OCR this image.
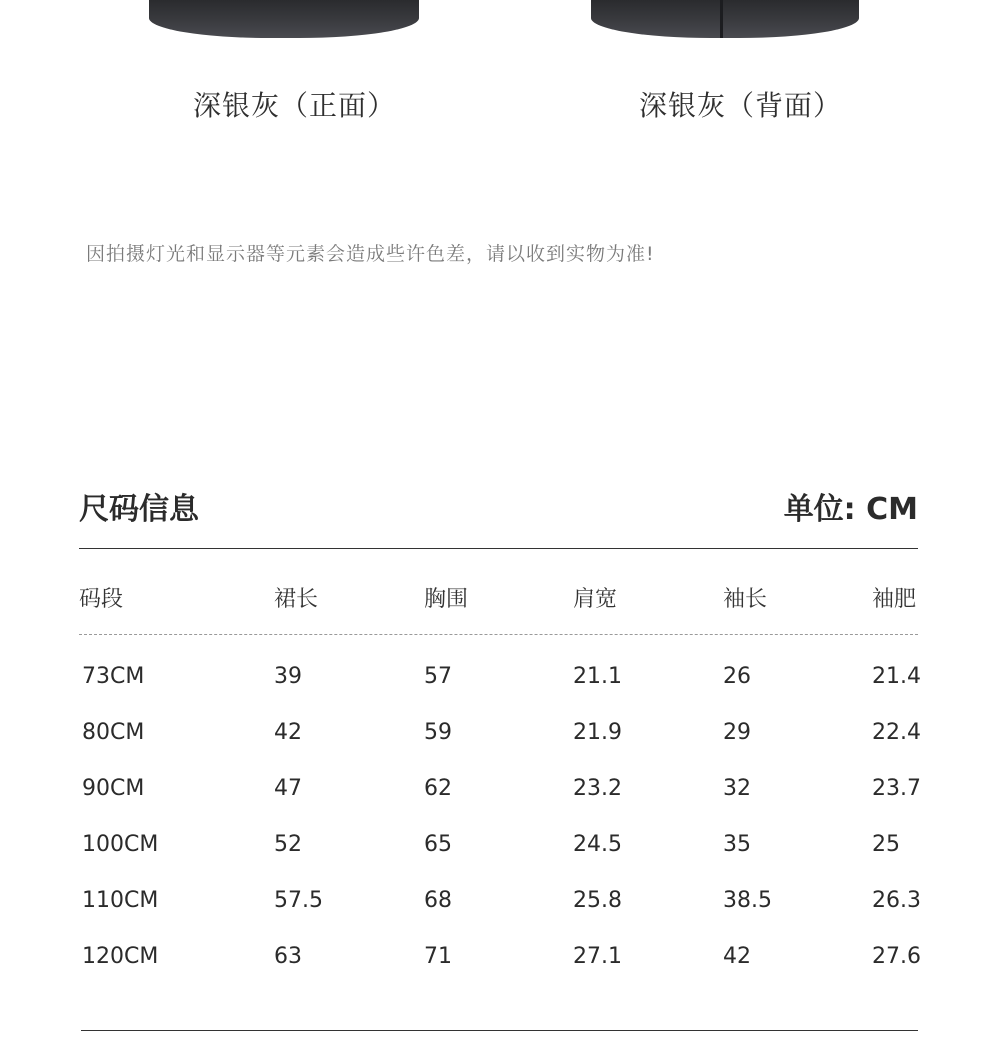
深银灰（正面）	深银灰（背面）
因拍摄灯光和显示器等元素会造成些许色差，请以收到实物为准!
尺码信息	单位: CM
码段	裙长	胸围	肩宽	袖长	袖肥
73CM	39	57	21.1	26	21.4
80CM	42	59	21.9	29	22.4
90CM	47	62	23.2	32	23.7
100CM	52	65	24.5	35	25
110CM	57.5	68	25.8	38.5	26.3
120CM	63	71	27.1	42	27.6
